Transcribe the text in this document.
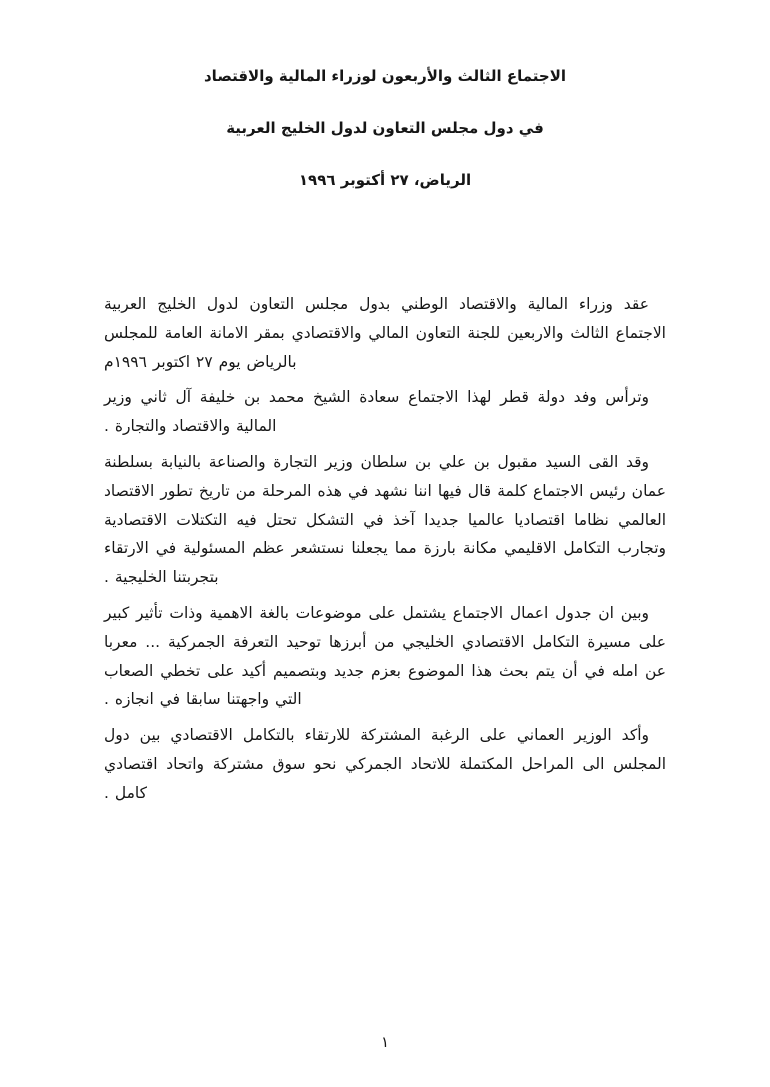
الاجتماع الثالث والأربعون لوزراء المالية والاقتصاد
في دول مجلس التعاون لدول الخليج العربية
الرياض، ٢٧ أكتوبر ١٩٩٦

عقد وزراء المالية والاقتصاد الوطني بدول مجلس التعاون لدول الخليج العربية الاجتماع الثالث والاربعين للجنة التعاون المالي والاقتصادي بمقر الامانة العامة للمجلس بالرياض يوم ٢٧ اكتوبر ١٩٩٦م

وترأس وفد دولة قطر لهذا الاجتماع سعادة الشيخ محمد بن خليفة آل ثاني وزير المالية والاقتصاد والتجارة .

وقد القى السيد مقبول بن علي بن سلطان وزير التجارة والصناعة بالنيابة بسلطنة عمان رئيس الاجتماع كلمة قال فيها اننا نشهد في هذه المرحلة من تاريخ تطور الاقتصاد العالمي نظاما اقتصاديا عالميا جديدا آخذ في التشكل تحتل فيه التكتلات الاقتصادية وتجارب التكامل الاقليمي مكانة بارزة مما يجعلنا نستشعر عظم المسئولية في الارتقاء بتجربتنا الخليجية .

وبين ان جدول اعمال الاجتماع يشتمل على موضوعات بالغة الاهمية وذات تأثير كبير على مسيرة التكامل الاقتصادي الخليجي من أبرزها توحيد التعرفة الجمركية ... معربا عن امله في أن يتم بحث هذا الموضوع بعزم جديد وبتصميم أكيد على تخطي الصعاب التي واجهتنا سابقا في انجازه .

وأكد الوزير العماني على الرغبة المشتركة للارتقاء بالتكامل الاقتصادي بين دول المجلس الى المراحل المكتملة للاتحاد الجمركي نحو سوق مشتركة واتحاد اقتصادي كامل .

١
